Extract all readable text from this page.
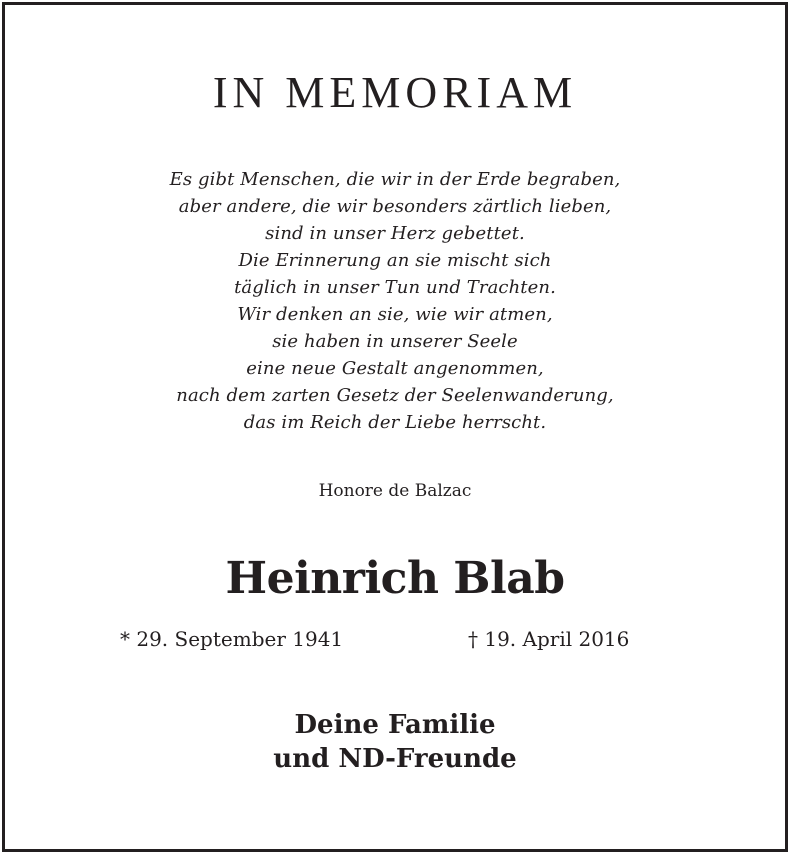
IN MEMORIAM
Es gibt Menschen, die wir in der Erde begraben,
aber andere, die wir besonders zärtlich lieben,
sind in unser Herz gebettet.
Die Erinnerung an sie mischt sich
täglich in unser Tun und Trachten.
Wir denken an sie, wie wir atmen,
sie haben in unserer Seele
eine neue Gestalt angenommen,
nach dem zarten Gesetz der Seelenwanderung,
das im Reich der Liebe herrscht.
Honore de Balzac
Heinrich Blab
* 29. September 1941	† 19. April 2016
Deine Familie
und ND-Freunde
